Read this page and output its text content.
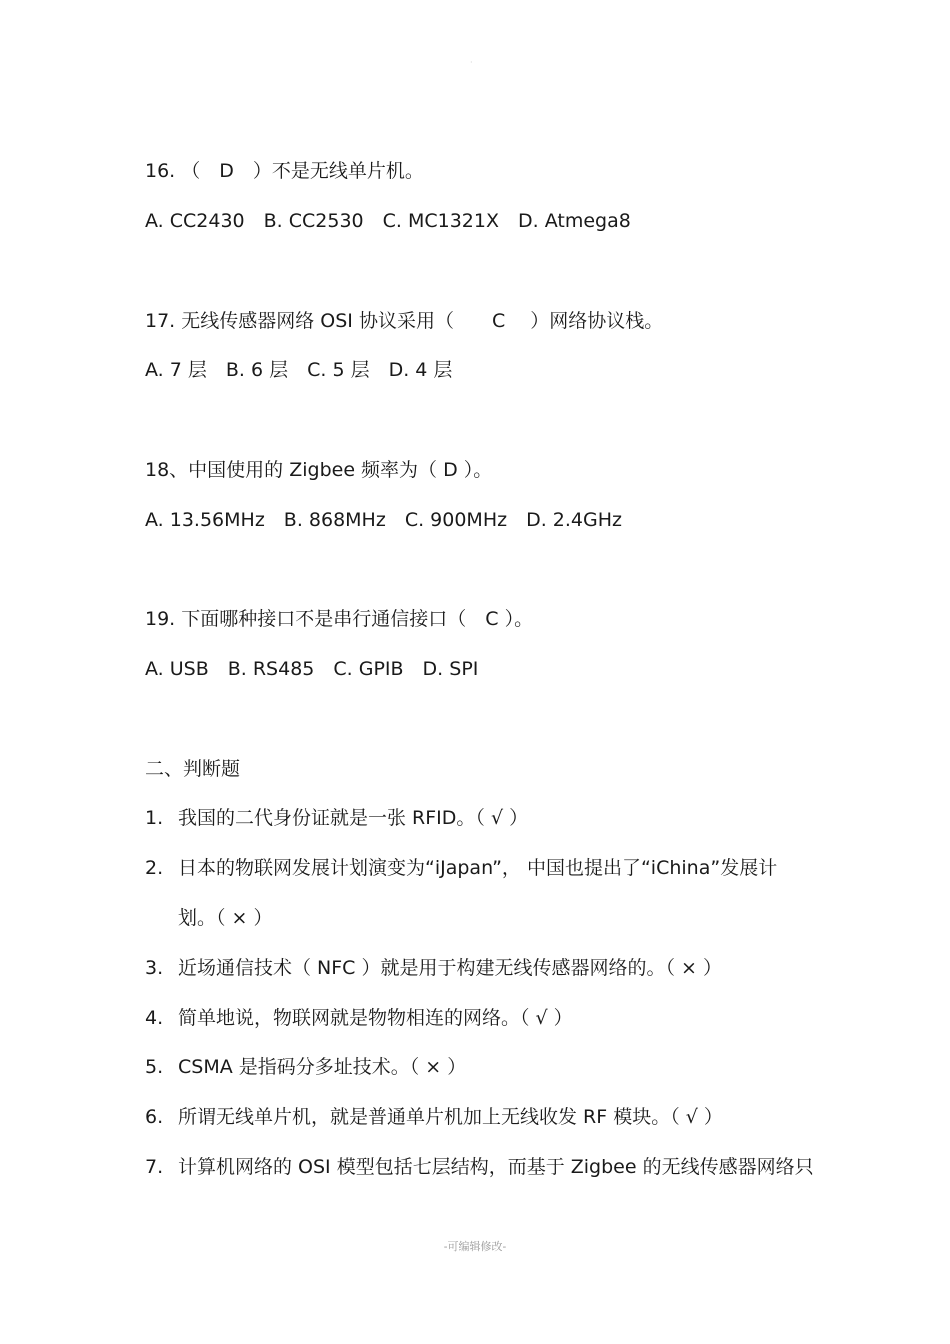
·
16. （　D　）不是无线单片机。
A. CC2430　B. CC2530　C. MC1321X　D. Atmega8
17. 无线传感器网络 OSI 协议采用（　　C　 ）网络协议栈。
A. 7 层　B. 6 层　C. 5 层　D. 4 层
18、中国使用的 Zigbee 频率为（ D ）。
A. 13.56MHz　B. 868MHz　C. 900MHz　D. 2.4GHz
19. 下面哪种接口不是串行通信接口（　C ）。
A. USB　B. RS485　C. GPIB　D. SPI
二、判断题
1. 我国的二代身份证就是一张 RFID。（ √ ）
2. 日本的物联网发展计划演变为“iJapan”， 中国也提出了“iChina”发展计
划。（ × ）
3. 近场通信技术（ NFC ）就是用于构建无线传感器网络的。（ × ）
4. 简单地说，物联网就是物物相连的网络。（ √ ）
5. CSMA 是指码分多址技术。（ × ）
6. 所谓无线单片机，就是普通单片机加上无线收发 RF 模块。（ √ ）
7. 计算机网络的 OSI 模型包括七层结构，而基于 Zigbee 的无线传感器网络只
-可编辑修改-
